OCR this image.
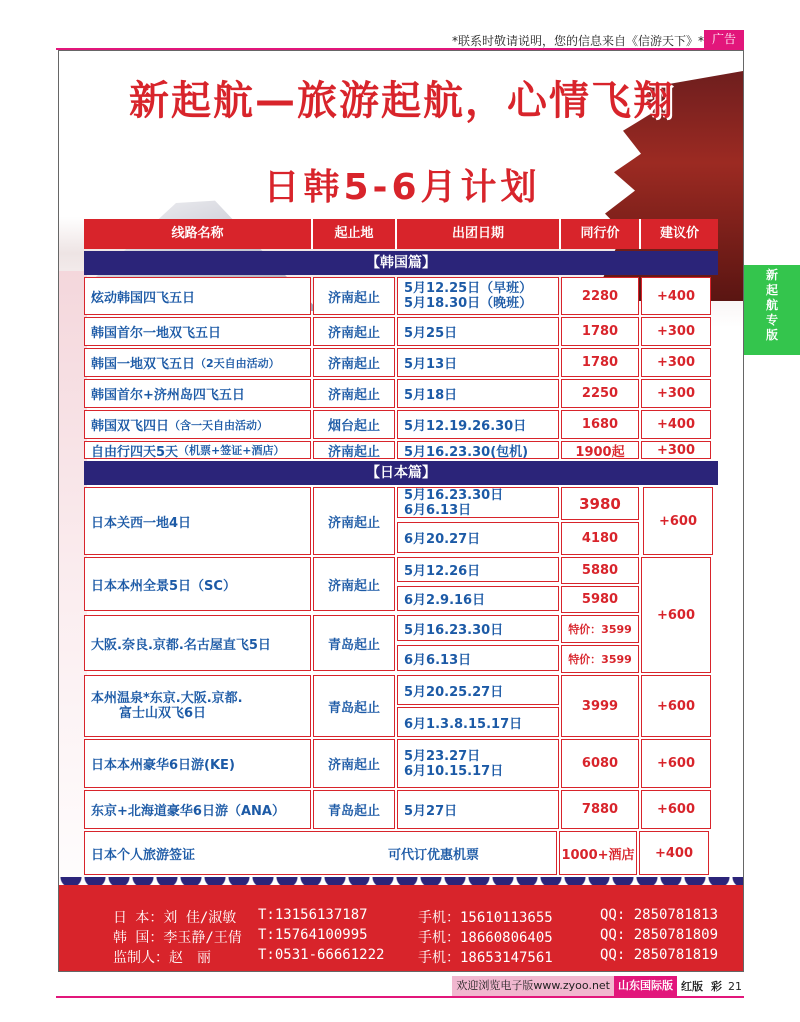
*联系时敬请说明，您的信息来自《信游天下》* 广告
新起航—旅游起航，心情飞翔
日韩5-6月计划
线路名称	起止地	出团日期	同行价	建议价
【韩国篇】
炫动韩国四飞五日	济南起止
5月12.25日（早班）
5月18.30日（晚班）	2280	+400
韩国首尔一地双飞五日	济南起止	5月25日	1780	+300
韩国一地双飞五日 （2天自由活动）	济南起止	5月13日	1780	+300
韩国首尔+济州岛四飞五日	济南起止	5月18日	2250	+300
韩国双飞四日 （含一天自由活动）	烟台起止	5月12.19.26.30日	1680	+400
自由行四天5天 （机票+签证+酒店）	济南起止	5月16.23.30(包机)	1900起	+300
【日本篇】
日本关西一地4日	济南起止
5月16.23.30日
6月6.13日	3980
6月20.27日	4180
+600
日本本州全景5日（SC）	济南起止
5月12.26日	5880
6月2.9.16日	5980
大阪.奈良.京都.名古屋直飞5日	青岛起止
5月16.23.30日	特价：3599
6月6.13日	特价：3599
+600
本州温泉*东京.大阪.京都.
富士山双飞6日	青岛起止
5月20.25.27日
6月1.3.8.15.17日
3999	+600
日本本州豪华6日游(KE)	济南起止
5月23.27日
6月10.15.17日	6080	+600
东京+北海道豪华6日游（ANA）	青岛起止	5月27日	7880	+600
日本个人旅游签证	可代订优惠机票	1000+酒店	+400
日 本：刘 佳/淑敏	T:13156137187	手机：15610113655	QQ: 2850781813
韩 国：李玉静/王倩	T:15764100995	手机：18660806405	QQ: 2850781809
监制人：赵　丽	T:0531-66661222	手机：18653147561	QQ: 2850781819
新
起
航
专
版
欢迎浏览电子版www.zyoo.net 山东国际版 红版 彩 21
